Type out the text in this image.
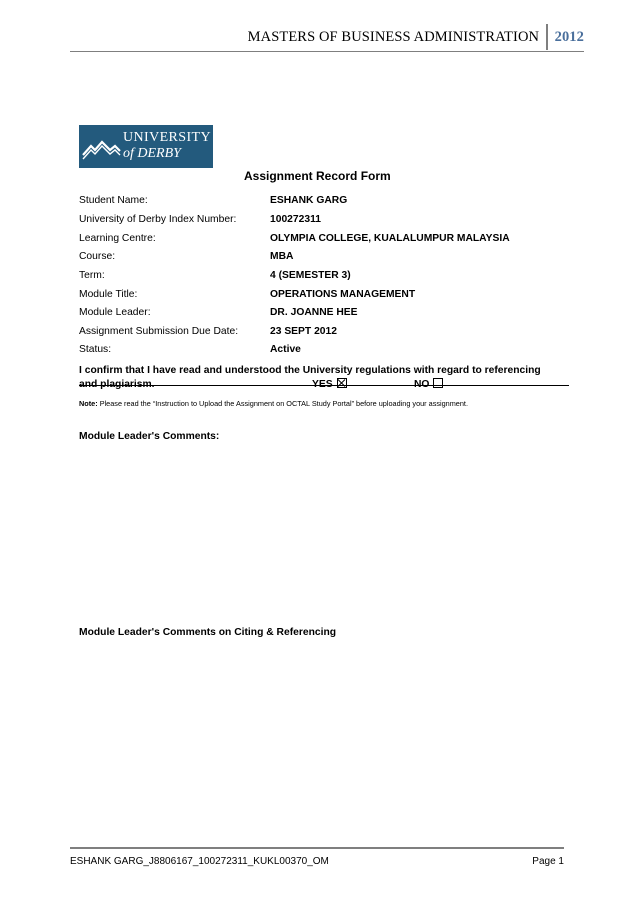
MASTERS OF BUSINESS ADMINISTRATION	2012
UNIVERSITY
of DERBY
Assignment Record Form
Student Name:	ESHANK GARG
University of Derby Index Number:	100272311
Learning Centre:	OLYMPIA COLLEGE, KUALALUMPUR MALAYSIA
Course:	MBA
Term:	4 (SEMESTER 3)
Module Title:	OPERATIONS MANAGEMENT
Module Leader:	DR. JOANNE HEE
Assignment Submission Due Date:	23 SEPT 2012
Status:	Active
I confirm that I have read and understood the University regulations with regard to referencing
and plagiarism.	YES	NO
Note: Please read the “Instruction to Upload the Assignment on OCTAL Study Portal” before uploading your assignment.
Module Leader's Comments:
Module Leader's Comments on Citing & Referencing
ESHANK GARG_J8806167_100272311_KUKL00370_OM	Page 1
